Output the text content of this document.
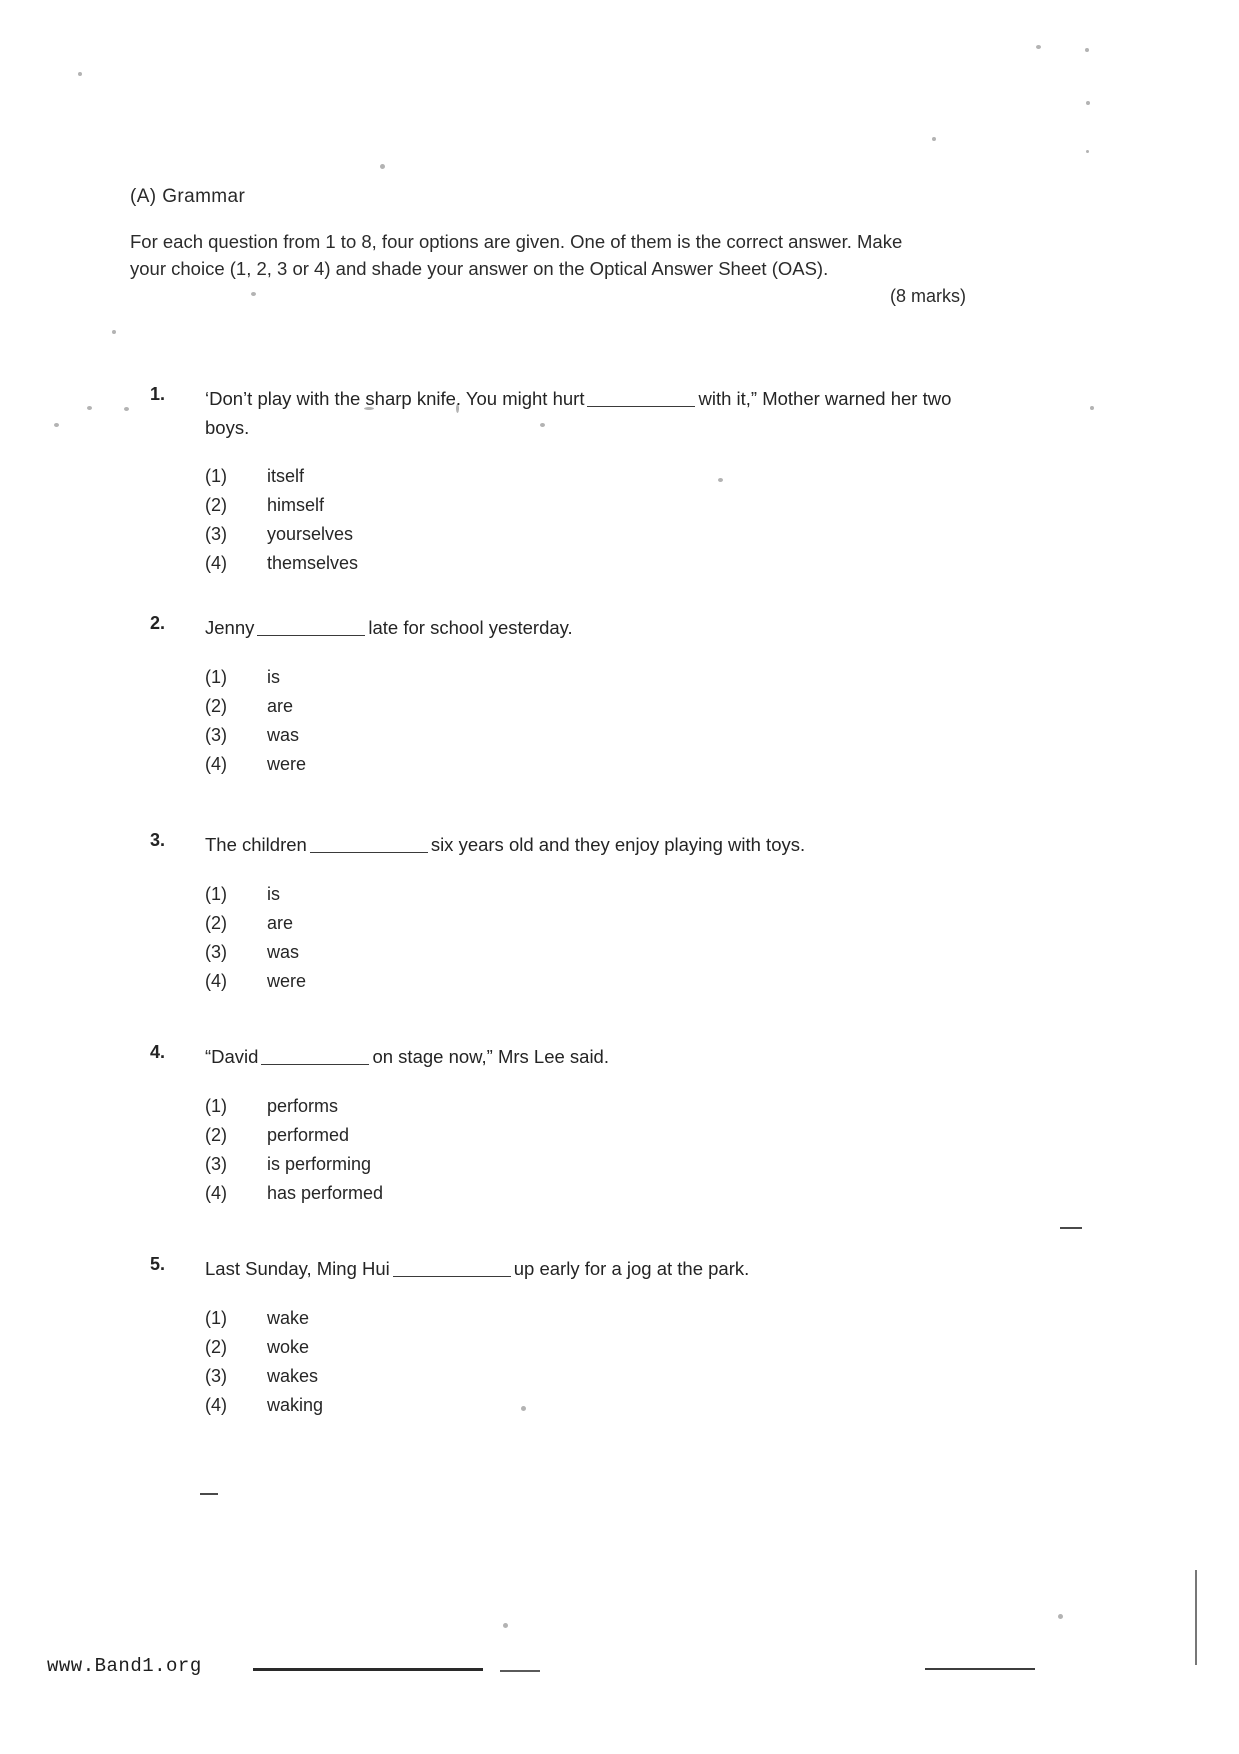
(A) Grammar
For each question from 1 to 8, four options are given. One of them is the correct answer. Make your choice (1, 2, 3 or 4) and shade your answer on the Optical Answer Sheet (OAS).
(8 marks)
1. ‘Don’t play with the sharp knife. You might hurt	with it,” Mother warned her two boys.
(1) itself
(2) himself
(3) yourselves
(4) themselves
2. Jenny	late for school yesterday.
(1) is
(2) are
(3) was
(4) were
3. The children	six years old and they enjoy playing with toys.
(1) is
(2) are
(3) was
(4) were
4. “David	on stage now,” Mrs Lee said.
(1) performs
(2) performed
(3) is performing
(4) has performed
5. Last Sunday, Ming Hui	up early for a jog at the park.
(1) wake
(2) woke
(3) wakes
(4) waking
www.Band1.org
